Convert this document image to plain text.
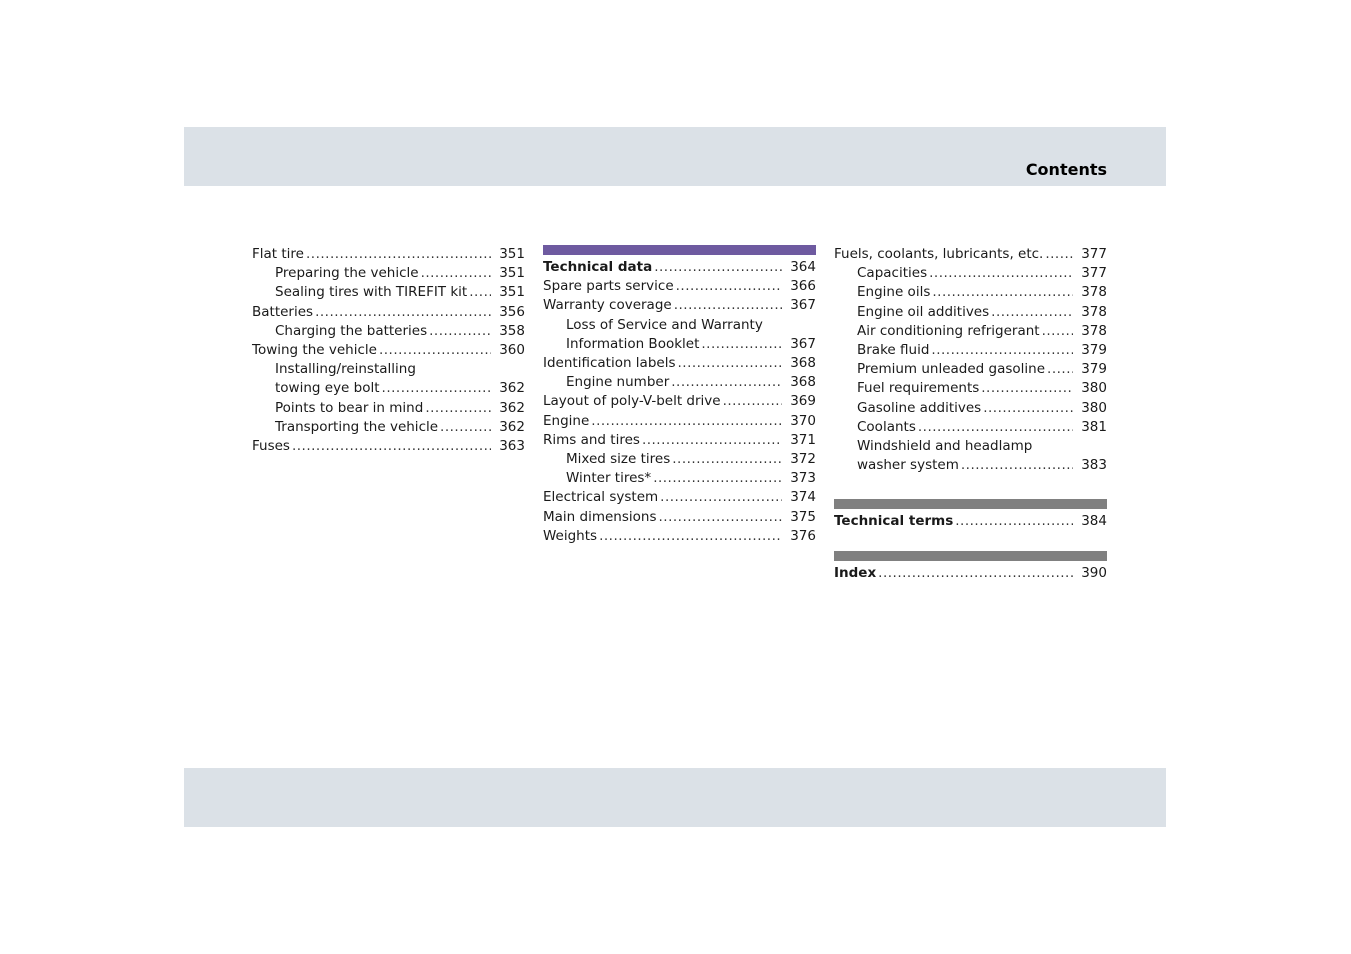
Contents
Flat tire .....	351
Preparing the vehicle .....	351
Sealing tires with TIREFIT kit .....	351
Batteries .....	356
Charging the batteries .....	358
Towing the vehicle .....	360
Installing/reinstalling
towing eye bolt .....	362
Points to bear in mind .....	362
Transporting the vehicle .....	362
Fuses .....	363
Technical data .....	364
Spare parts service .....	366
Warranty coverage .....	367
Loss of Service and Warranty
Information Booklet .....	367
Identification labels .....	368
Engine number .....	368
Layout of poly-V-belt drive .....	369
Engine .....	370
Rims and tires .....	371
Mixed size tires .....	372
Winter tires* .....	373
Electrical system .....	374
Main dimensions .....	375
Weights .....	376
Fuels, coolants, lubricants, etc. .....	377
Capacities .....	377
Engine oils .....	378
Engine oil additives .....	378
Air conditioning refrigerant .....	378
Brake fluid .....	379
Premium unleaded gasoline .....	379
Fuel requirements .....	380
Gasoline additives .....	380
Coolants .....	381
Windshield and headlamp
washer system .....	383
Technical terms .....	384
Index .....	390
